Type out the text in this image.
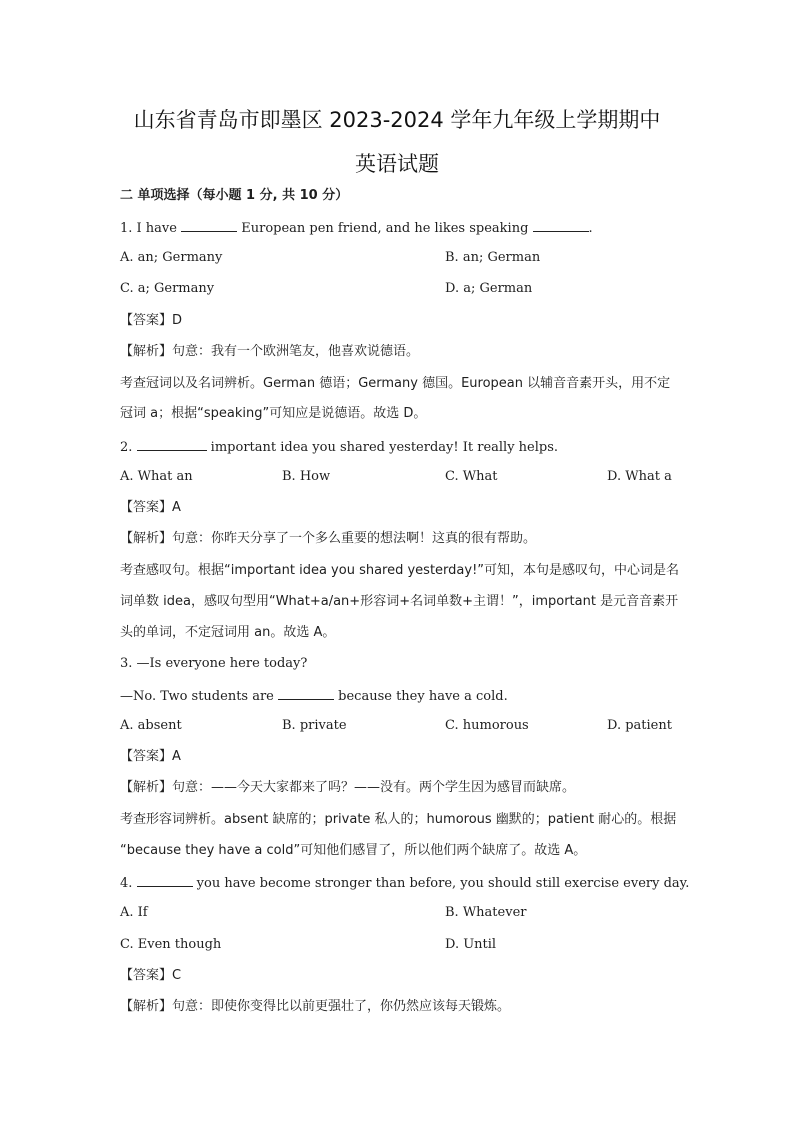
山东省青岛市即墨区 2023-2024 学年九年级上学期期中
英语试题
二 单项选择（每小题 1 分, 共 10 分）
1. I have	European pen friend, and he likes speaking	.
A. an; Germany	B. an; German
C. a; Germany	D. a; German
【答案】D
【解析】句意：我有一个欧洲笔友，他喜欢说德语。
考查冠词以及名词辨析。German 德语；Germany 德国。European 以辅音音素开头，用不定
冠词 a；根据“speaking”可知应是说德语。故选 D。
2.	important idea you shared yesterday! It really helps.
A. What an	B. How	C. What	D. What a
【答案】A
【解析】句意：你昨天分享了一个多么重要的想法啊！这真的很有帮助。
考查感叹句。根据“important idea you shared yesterday!”可知，本句是感叹句，中心词是名
词单数 idea，感叹句型用“What+a/an+形容词+名词单数+主谓！”，important 是元音音素开
头的单词，不定冠词用 an。故选 A。
3. —Is everyone here today?
—No. Two students are	because they have a cold.
A. absent	B. private	C. humorous	D. patient
【答案】A
【解析】句意：——今天大家都来了吗？——没有。两个学生因为感冒而缺席。
考查形容词辨析。absent 缺席的；private 私人的；humorous 幽默的；patient 耐心的。根据
“because they have a cold”可知他们感冒了，所以他们两个缺席了。故选 A。
4.	you have become stronger than before, you should still exercise every day.
A. If	B. Whatever
C. Even though	D. Until
【答案】C
【解析】句意：即使你变得比以前更强壮了，你仍然应该每天锻炼。
